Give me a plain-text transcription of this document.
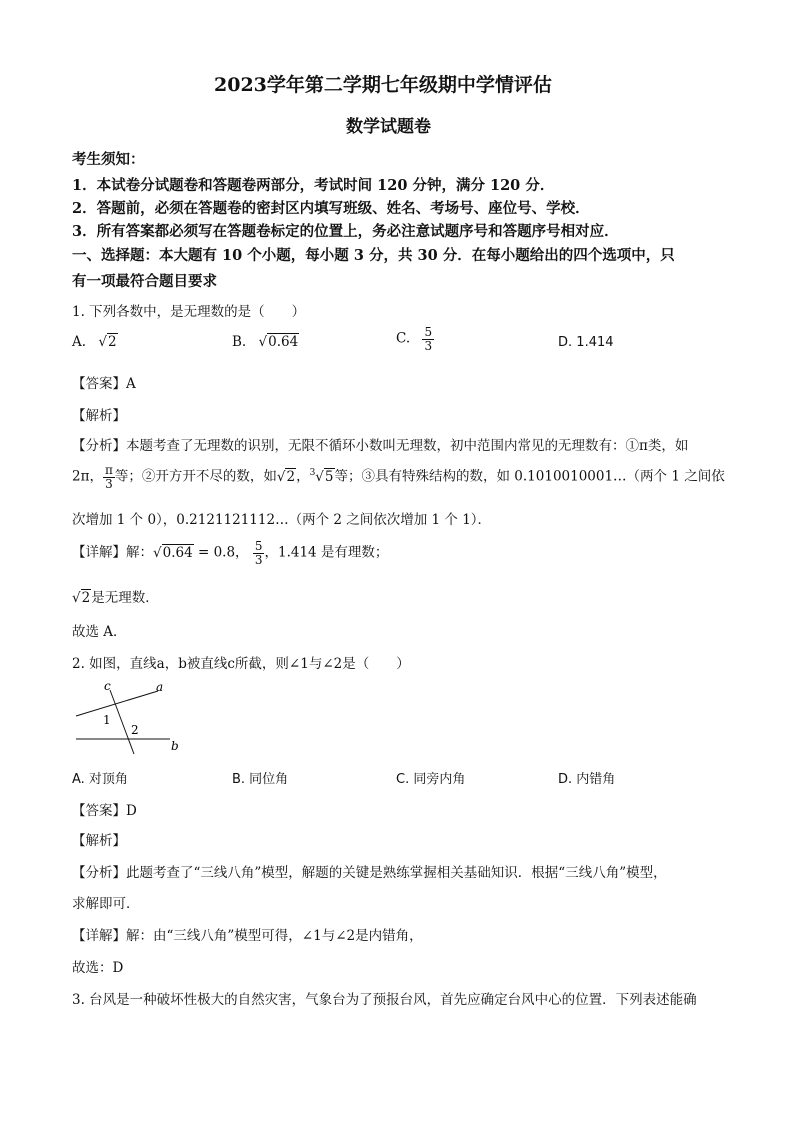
2023学年第二学期七年级期中学情评估
数学试题卷
考生须知：
1．本试卷分试题卷和答题卷两部分，考试时间 120 分钟，满分 120 分．
2．答题前，必须在答题卷的密封区内填写班级、姓名、考场号、座位号、学校．
3．所有答案都必须写在答题卷标定的位置上，务必注意试题序号和答题序号相对应．
一、选择题：本大题有 10 个小题，每小题 3 分，共 30 分．在每小题给出的四个选项中，只
有一项最符合题目要求
1. 下列各数中，是无理数的是（　　）
A. √2	B. √0.64	C. $\frac{5}{3}$	D. 1.414
【答案】A
【解析】
【分析】本题考查了无理数的识别，无限不循环小数叫无理数，初中范围内常见的无理数有：①π类，如
2π， $\frac{\pi}{3}$ 等；②开方开不尽的数，如√2，$^3$√5等；③具有特殊结构的数，如 0.1010010001…（两个 1 之间依
次增加 1 个 0），0.2121121112…（两个 2 之间依次增加 1 个 1）．
【详解】解：√0.64 = 0.8， $\frac{5}{3}$ ，1.414 是有理数；
√2是无理数．
故选 A．
2. 如图，直线a，b被直线c所截，则∠1与∠2是（　　）
c	a
1
2
b
A. 对顶角	B. 同位角	C. 同旁内角	D. 内错角
【答案】D
【解析】
【分析】此题考查了“三线八角”模型，解题的关键是熟练掌握相关基础知识．根据“三线八角”模型，
求解即可．
【详解】解：由“三线八角”模型可得，∠1与∠2是内错角，
故选：D
3. 台风是一种破坏性极大的自然灾害，气象台为了预报台风，首先应确定台风中心的位置．下列表述能确
